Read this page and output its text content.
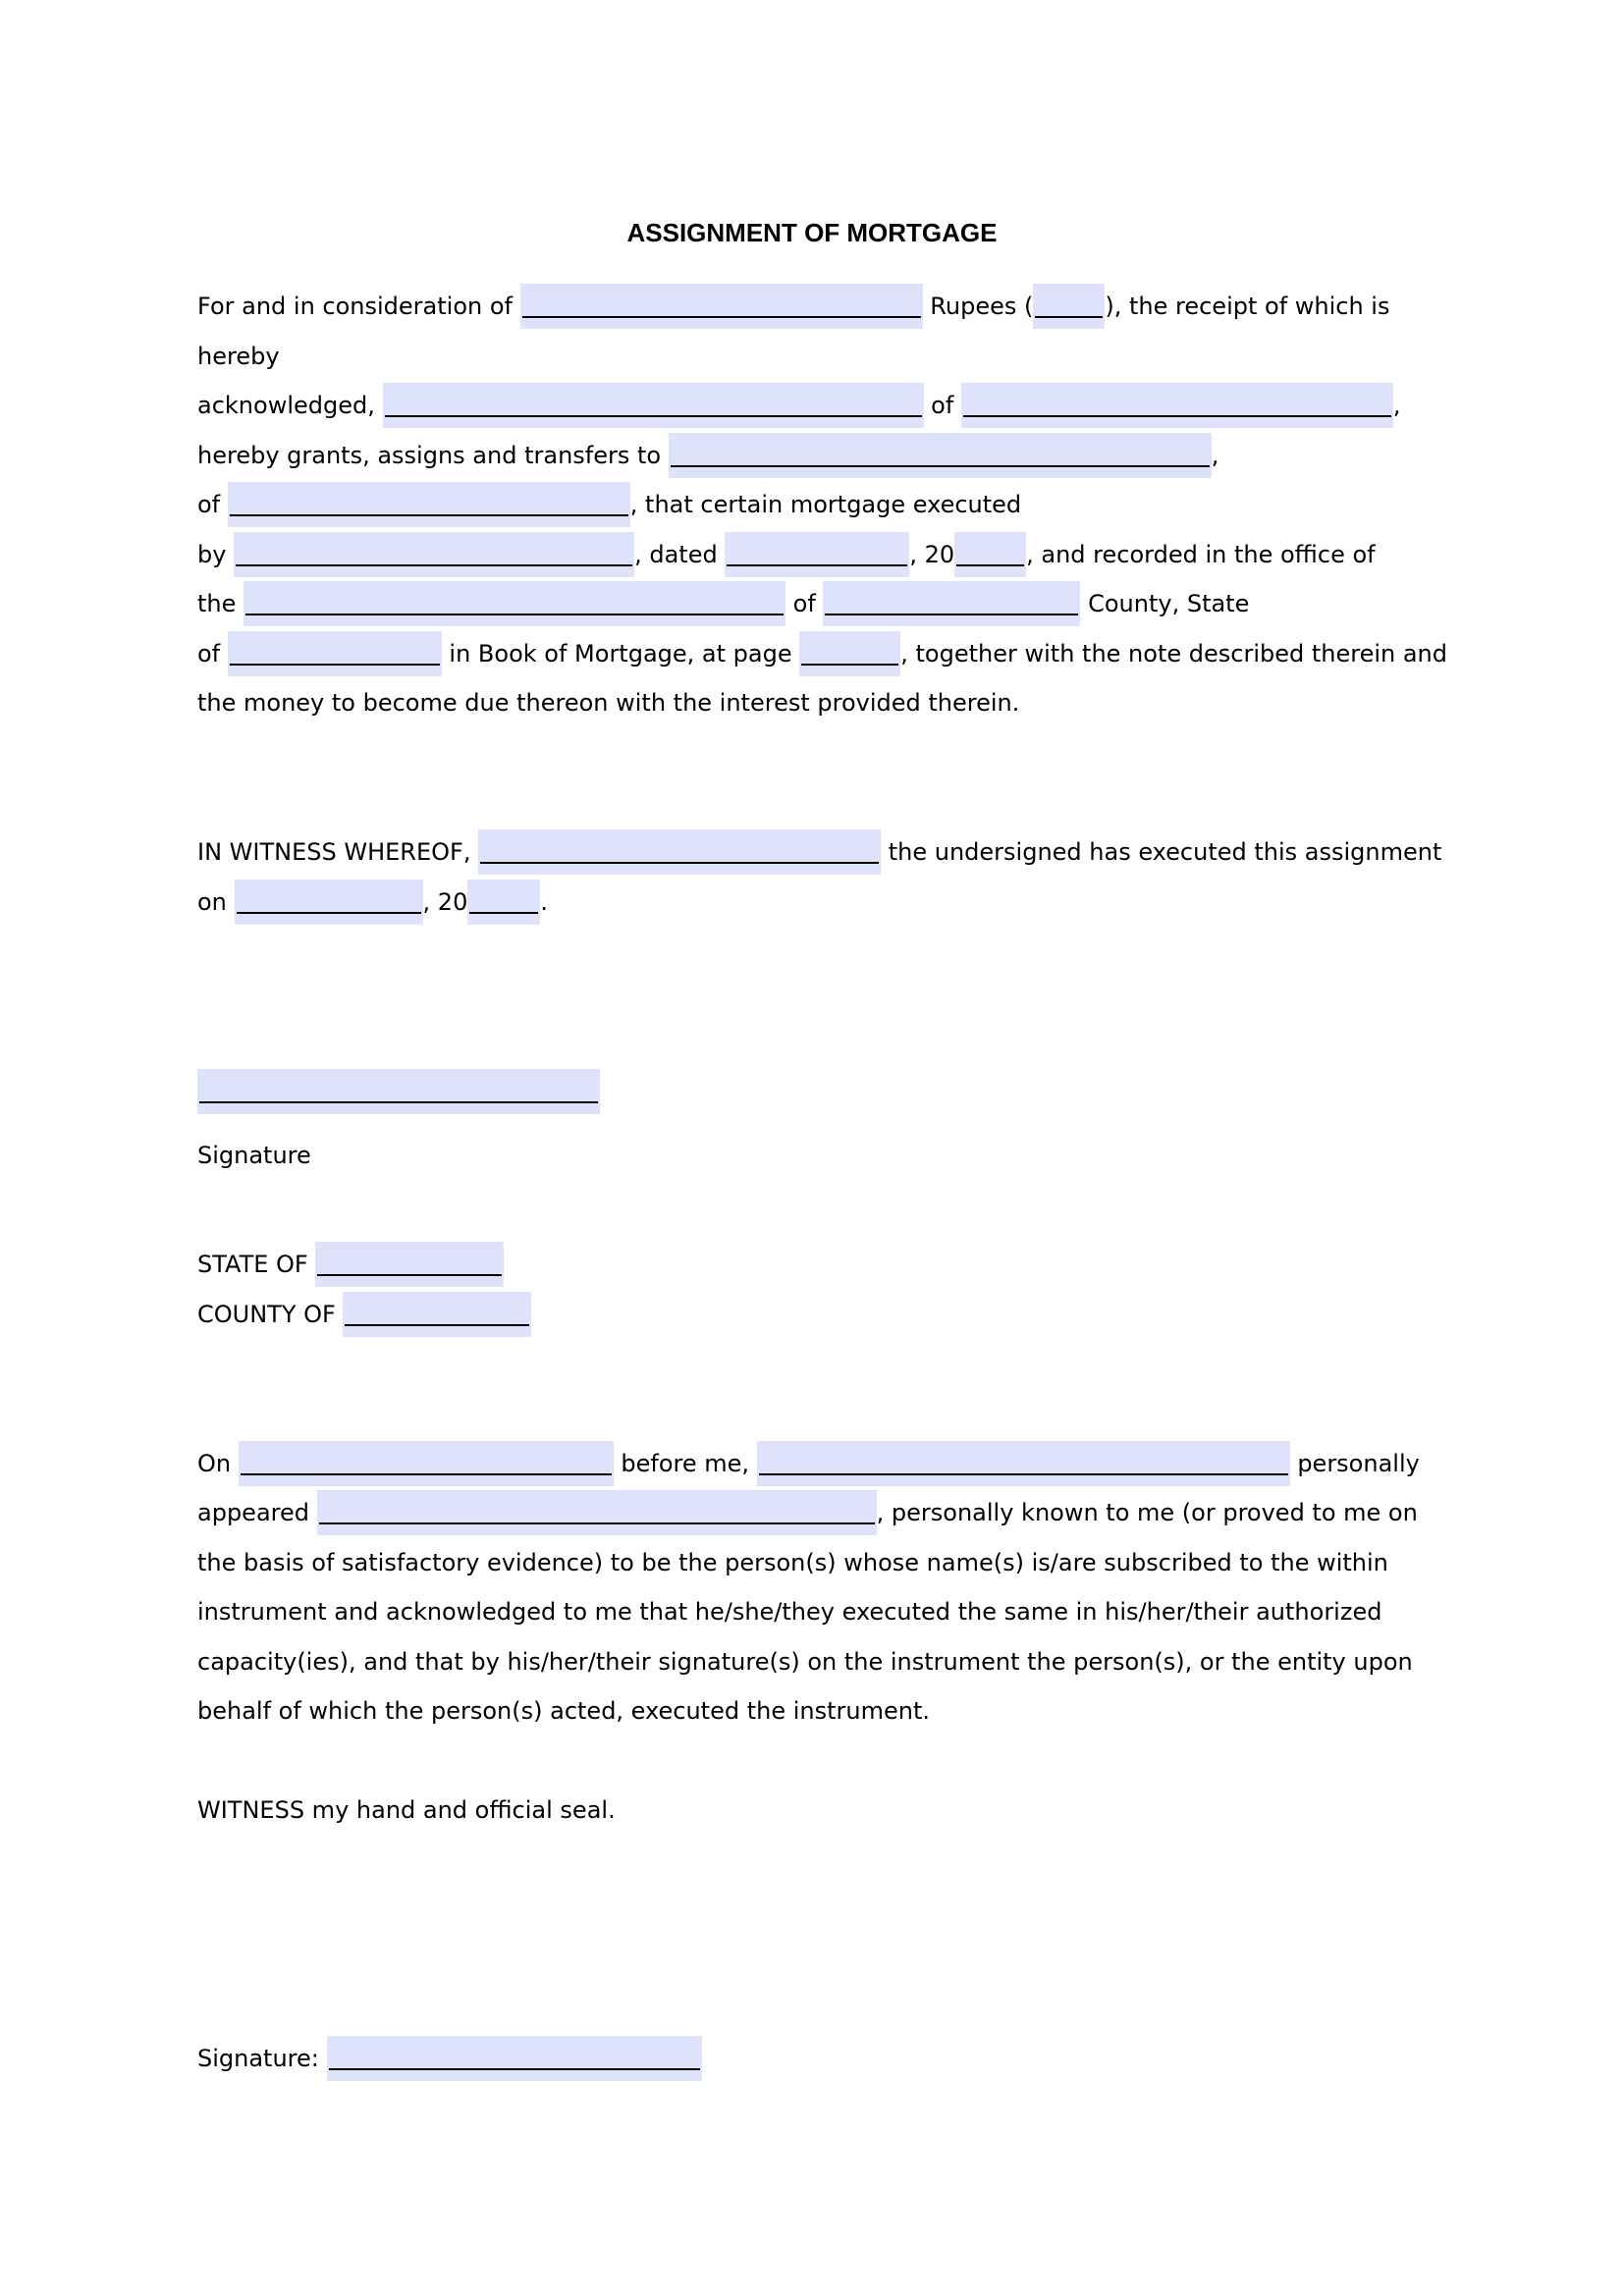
ASSIGNMENT OF MORTGAGE
For and in consideration of	Rupees (	), the receipt of which is
hereby
acknowledged,	of	,
hereby grants, assigns and transfers to	,
of	, that certain mortgage executed
by	, dated	, 20	, and recorded in the office of
the	of	County, State
of	in Book of Mortgage, at page	, together with the note described therein and
the money to become due thereon with the interest provided therein.
IN WITNESS WHEREOF,	the undersigned has executed this assignment
on	, 20	.
Signature
STATE OF
COUNTY OF
On	before me,	personally
appeared	, personally known to me (or proved to me on
the basis of satisfactory evidence) to be the person(s) whose name(s) is/are subscribed to the within
instrument and acknowledged to me that he/she/they executed the same in his/her/their authorized
capacity(ies), and that by his/her/their signature(s) on the instrument the person(s), or the entity upon
behalf of which the person(s) acted, executed the instrument.
WITNESS my hand and official seal.
Signature:
